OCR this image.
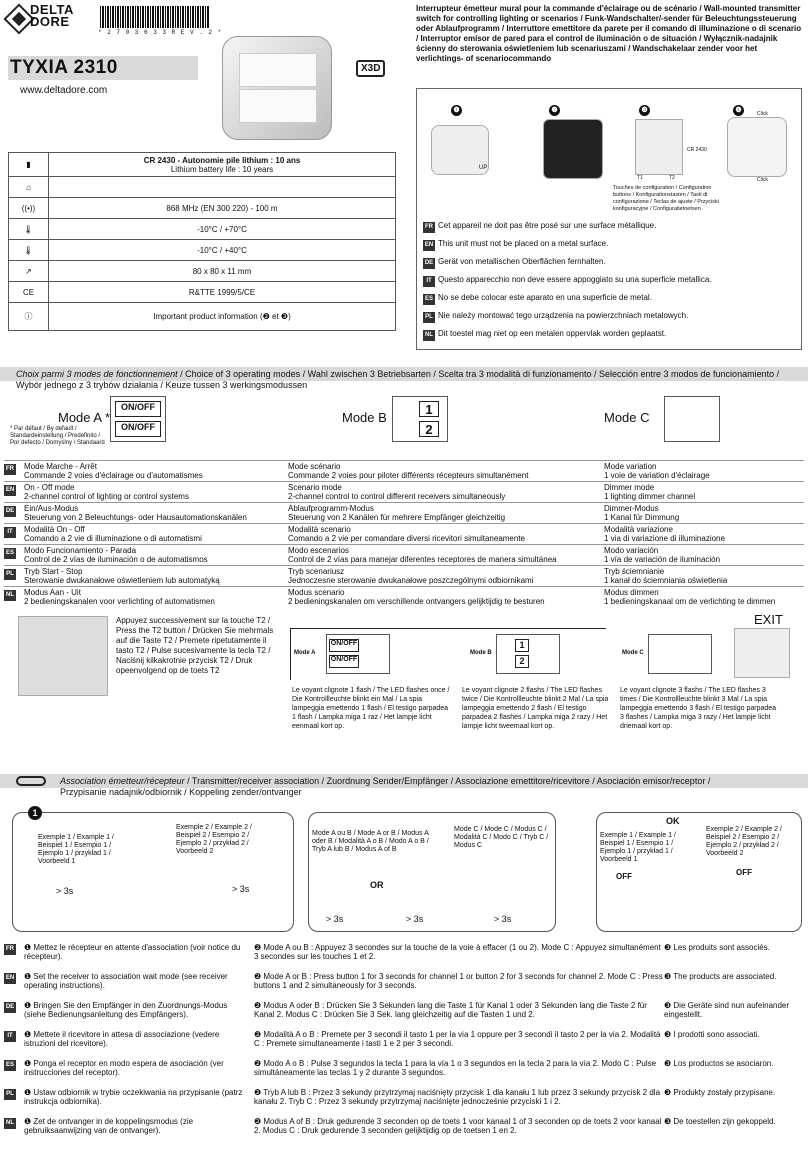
DELTA DORE
* 2 7 0 3 6 3 3 R E V . 2 *
TYXIA 2310	X3D
www.deltadore.com
Interrupteur émetteur mural pour la commande d'éclairage ou de scénario / Wall-mounted transmitter switch for controlling lighting or scenarios / Funk-Wandschalter/-sender für Beleuchtungssteuerung oder Ablaufprogramm / Interruttore emettitore da parete per il comando di illuminazione o di scenario / Interruptor emisor de pared para el control de iluminación o de situación / Wyłącznik-nadajnik ścienny do sterowania oświetleniem lub scenariuszami / Wandschakelaar zender voor het verlichtings- of scenariocommando
▮	CR 2430 - Autonomie pile lithium : 10 ans
Lithium battery life : 10 years

⌂	

((•))	868 MHz (EN 300 220) - 100 m

🌡	-10°C / +70°C

🌡	-10°C / +40°C

↗	80 x 80 x 11 mm

CE	R&TTE 1999/5/CE

ⓘ	Important product information (❷ et ❸)
❶	❷	❸	❹
UP
CR 2430
T1	T2
Touches de configuration / Configuration buttons / Konfigurationstasten / Tasti di configurazione / Teclas de ajuste / Przyciski konfiguracyjne / Configuratietoetsen
Click
Click
FR Cet appareil ne doit pas être posé sur une surface métallique.
EN This unit must not be placed on a metal surface.
DE Gerät von metallischen Oberflächen fernhalten.
IT Questo apparecchio non deve essere appoggiato su una superficie metallica.
ES No se debe colocar este aparato en una superficie de metal.
PL Nie należy montować tego urządzenia na powierzchniach metalowych.
NL Dit toestel mag niet op een metalen oppervlak worden geplaatst.
Choix parmi 3 modes de fonctionnement / Choice of 3 operating modes / Wahl zwischen 3 Betriebsarten / Scelta tra 3 modalità di funzionamento / Selección entre 3 modos de funcionamiento /
Wybór jednego z 3 trybów działania / Keuze tussen 3 werkingsmodussen
Mode A *
* Par défaut / By default / Standardeinstellung / Predefinito / Por defecto / Domyślny / Standaard
ON/OFF
ON/OFF
Mode B
1
2
Mode C
FR Mode Marche - Arrêt
Commande 2 voies d'éclairage ou d'automatismes
Mode scénario
Commande 2 voies pour piloter différents récepteurs simultanément
Mode variation
1 voie de variation d'éclairage
EN On - Off mode
2-channel control of lighting or control systems
Scenario mode
2-channel control to control different receivers simultaneously
Dimmer mode
1 lighting dimmer channel
DE Ein/Aus-Modus
Steuerung von 2 Beleuchtungs- oder Hausautomationskanälen
Ablaufprogramm-Modus
Steuerung von 2 Kanälen für mehrere Empfänger gleichzeitig
Dimmer-Modus
1 Kanal für Dimmung
IT	Modalità On - Off
Comando a 2 vie di illuminazione o di automatismi
Modalità scenario
Comando a 2 vie per comandare diversi ricevitori simultaneamente
Modalità variazione
1 via di variazione di illuminazione
ES Modo Funcionamiento - Parada
Control de 2 vías de iluminación o de automatismos
Modo escenarios
Control de 2 vías para manejar diferentes receptores de manera simultánea
Modo variación
1 vía de variación de iluminación
PL Tryb Start - Stop
Sterowanie dwukanałowe oświetleniem lub automatyką
Tryb scenariusz
Jednoczesne sterowanie dwukanałowe poszczególnymi odbiornikami
Tryb ściemnianie
1 kanał do ściemniania oświetlenia
NL Modus Aan - Uit
2 bedieningskanalen voor verlichting of automatismen
Modus scenario
2 bedieningskanalen om verschillende ontvangers gelijktijdig te besturen
Modus dimmen
1 bedieningskanaal om de verlichting te dimmen
Appuyez successivement sur la touche T2 / Press the T2 button / Drücken Sie mehrmals auf die Taste T2 / Premete ripetutamente il tasto T2 / Pulse sucesivamente la tecla T2 / Naciśnij kilkakrotnie przycisk T2 / Druk opeenvolgend op de toets T2
Mode A	Mode B	Mode C
ON/OFF
ON/OFF
1
2
EXIT
Le voyant clignote 1 flash / The LED flashes once / Die Kontrollleuchte blinkt ein Mal / La spia lampeggia emettendo 1 flash / El testigo parpadea 1 flash / Lampka miga 1 raz / Het lampje licht eenmaal kort op.
Le voyant clignote 2 flashs / The LED flashes twice / Die Kontrollleuchte blinkt 2 Mal / La spia lampeggia emettendo 2 flash / El testigo parpadea 2 flashes / Lampka miga 2 razy / Het lampje licht tweemaal kort op.
Le voyant clignote 3 flashs / The LED flashes 3 times / Die Kontrollleuchte blinkt 3 Mal / La spia lampeggia emettendo 3 flash / El testigo parpadea 3 flashes / Lampka miga 3 razy / Het lampje licht driemaal kort op.
Association émetteur/récepteur / Transmitter/receiver association / Zuordnung Sender/Empfänger / Associazione emettitore/ricevitore / Asociación emisor/receptor /
Przypisanie nadajnik/odbiornik / Koppeling zender/ontvanger
1
Exemple 1 / Example 1 / Beispiel 1 / Esempio 1 / Ejemplo 1 / przykład 1 / Voorbeeld 1
Exemple 2 / Example 2 / Beispiel 2 / Esempio 2 / Ejemplo 2 / przykład 2 / Voorbeeld 2
> 3s	> 3s
Mode A ou B / Mode A or B / Modus A oder B / Modalità A o B / Modo A o B / Tryb A lub B / Modus A of B
Mode C / Mode C / Modus C / Modalità C / Modo C / Tryb C / Modus C
OR
> 3s	> 3s	> 3s
OK
Exemple 1 / Example 1 / Beispiel 1 / Esempio 1 / Ejemplo 1 / przykład 1 / Voorbeeld 1
Exemple 2 / Example 2 / Beispiel 2 / Esempio 2 / Ejemplo 2 / przykład 2 / Voorbeeld 2
OFF	OFF
FR ❶ Mettez le récepteur en attente d'association (voir notice du récepteur).
❷ Mode A ou B : Appuyez 3 secondes sur la touche de la voie à effacer (1 ou 2). Mode C : Appuyez simultanément 3 secondes sur les touches 1 et 2.
❸ Les produits sont associés.
EN ❶ Set the receiver to association wait mode (see receiver operating instructions).
❷ Mode A or B : Press button 1 for 3 seconds for channel 1 or button 2 for 3 seconds for channel 2. Mode C : Press buttons 1 and 2 simultaneously for 3 seconds.
❸ The products are associated.
DE ❶ Bringen Sie den Empfänger in den Zuordnungs-Modus (siehe Bedienungsanleitung des Empfängers).
❷ Modus A oder B : Drücken Sie 3 Sekunden lang die Taste 1 für Kanal 1 oder 3 Sekunden lang die Taste 2 für Kanal 2. Modus C : Drücken Sie 3 Sek. lang gleichzeitig auf die Tasten 1 und 2.
❸ Die Geräte sind nun aufeinander eingestellt.
IT	❶ Mettete il ricevitore in attesa di associazione (vedere istruzioni del ricevitore).
❷ Modalità A o B : Premete per 3 secondi il tasto 1 per la via 1 oppure per 3 secondi il tasto 2 per la via 2. Modalità C : Premete simultaneamente i tasti 1 e 2 per 3 secondi.
❸ I prodotti sono associati.
ES ❶ Ponga el receptor en modo espera de asociación (ver instrucciones del receptor).
❷ Modo A o B : Pulse 3 segundos la tecla 1 para la vía 1 o 3 segundos en la tecla 2 para la vía 2. Modo C : Pulse simultáneamente las teclas 1 y 2 durante 3 segundos.
❸ Los productos se asociaron.
PL ❶ Ustaw odbiornik w trybie oczekiwania na przypisanie (patrz instrukcja odbiornika).
❷ Tryb A lub B : Przez 3 sekundy przytrzymaj naciśnięty przycisk 1 dla kanału 1 lub przez 3 sekundy przycisk 2 dla kanału 2. Tryb C : Przez 3 sekundy przytrzymaj naciśnięte jednocześnie przyciski 1 i 2.
❸ Produkty zostały przypisane.
NL ❶ Zet de ontvanger in de koppelingsmodus (zie gebruiksaanwijzing van de ontvanger).
❷ Modus A of B : Druk gedurende 3 seconden op de toets 1 voor kanaal 1 of 3 seconden op de toets 2 voor kanaal 2. Modus C : Druk gedurende 3 seconden gelijktijdig op de toetsen 1 en 2.
❸ De toestellen zijn gekoppeld.
